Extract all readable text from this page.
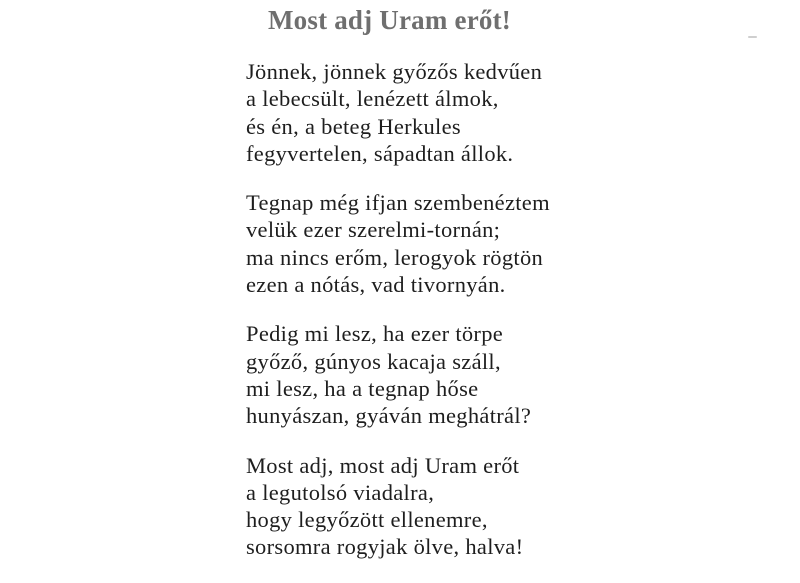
Most adj Uram erőt!
Jönnek, jönnek győzős kedvűen
a lebecsült, lenézett álmok,
és én, a beteg Herkules
fegyvertelen, sápadtan állok.
Tegnap még ifjan szembenéztem
velük ezer szerelmi-tornán;
ma nincs erőm, lerogyok rögtön
ezen a nótás, vad tivornyán.
Pedig mi lesz, ha ezer törpe
győző, gúnyos kacaja száll,
mi lesz, ha a tegnap hőse
hunyászan, gyáván meghátrál?
Most adj, most adj Uram erőt
a legutolsó viadalra,
hogy legyőzött ellenemre,
sorsomra rogyjak ölve, halva!
